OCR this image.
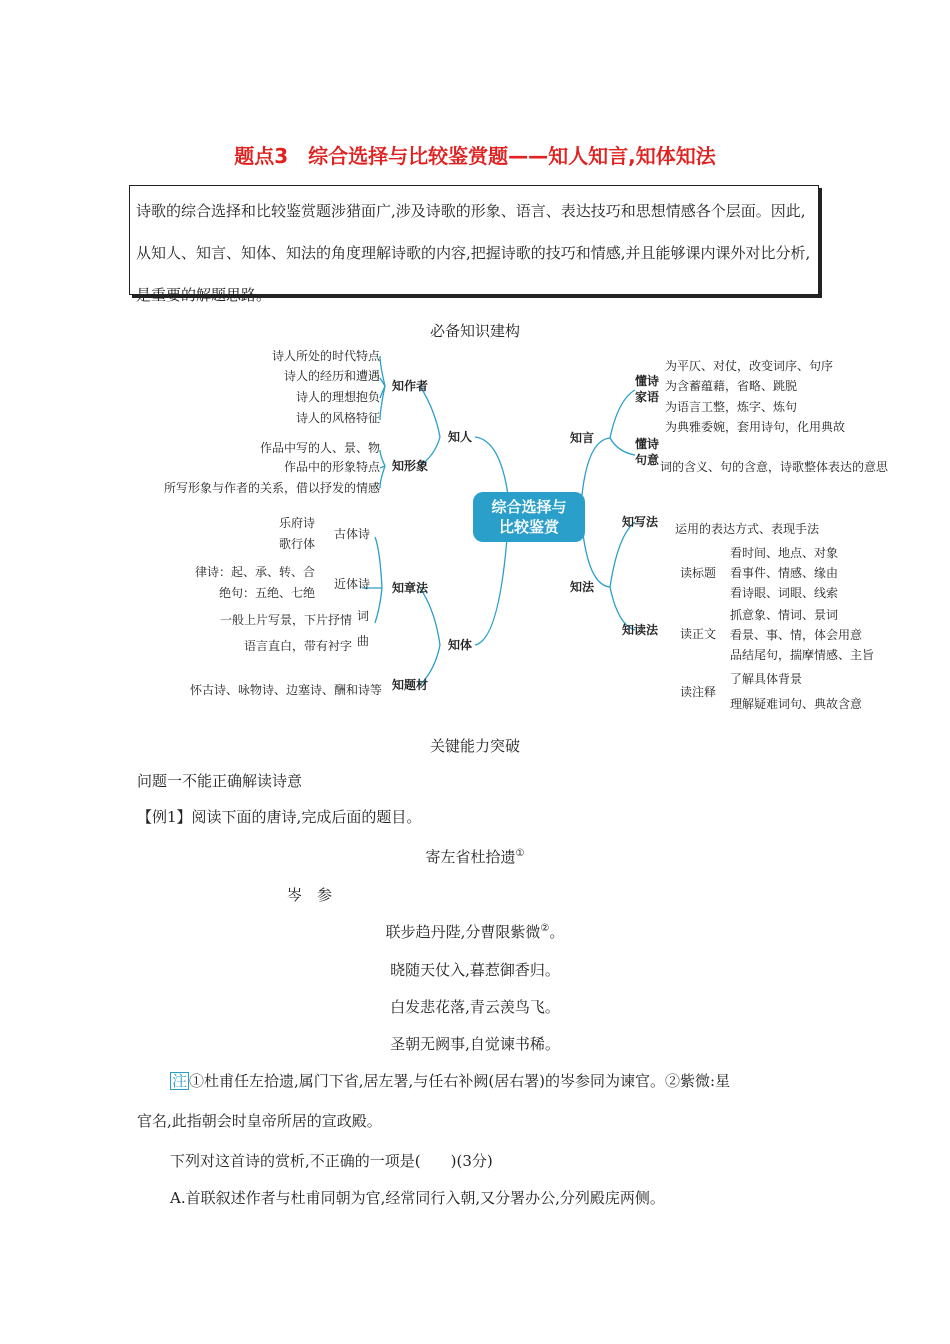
题点3　综合选择与比较鉴赏题——知人知言,知体知法
诗歌的综合选择和比较鉴赏题涉猎面广,涉及诗歌的形象、语言、表达技巧和思想情感各个层面。因此,从知人、知言、知体、知法的角度理解诗歌的内容,把握诗歌的技巧和情感,并且能够课内课外对比分析,是重要的解题思路。
必备知识建构
综合选择与
比较鉴赏
知人
知作者
诗人所处的时代特点
诗人的经历和遭遇
诗人的理想抱负
诗人的风格特征
知形象
作品中写的人、景、物
作品中的形象特点
所写形象与作者的关系，借以抒发的情感
知体
知章法
古体诗
乐府诗
歌行体
近体诗
律诗：起、承、转、合
绝句：五绝、七绝
词
一般上片写景，下片抒情
曲
语言直白，带有衬字
知题材
怀古诗、咏物诗、边塞诗、酬和诗等
知言
懂诗
家语
为平仄、对仗，改变词序、句序
为含蓄蕴藉，省略、跳脱
为语言工整，炼字、炼句
为典雅委婉，套用诗句，化用典故
懂诗
句意 词的含义、句的含意，诗歌整体表达的意思
知法
知写法 运用的表达方式、表现手法
知读法
读标题
看时间、地点、对象
看事件、情感、缘由
看诗眼、词眼、线索
读正文
抓意象、情词、景词
看景、事、情，体会用意
品结尾句，揣摩情感、主旨
读注释
了解具体背景
理解疑难词句、典故含意
关键能力突破
问题一不能正确解读诗意
【例1】阅读下面的唐诗,完成后面的题目。
寄左省杜拾遗①
岑　参
联步趋丹陛,分曹限紫微②。
晓随天仗入,暮惹御香归。
白发悲花落,青云羡鸟飞。
圣朝无阙事,自觉谏书稀。
注 ①杜甫任左拾遗,属门下省,居左署,与任右补阙(居右署)的岑参同为谏官。②紫微:星
官名,此指朝会时皇帝所居的宣政殿。
下列对这首诗的赏析,不正确的一项是(　　)(3分)
A.首联叙述作者与杜甫同朝为官,经常同行入朝,又分署办公,分列殿庑两侧。
